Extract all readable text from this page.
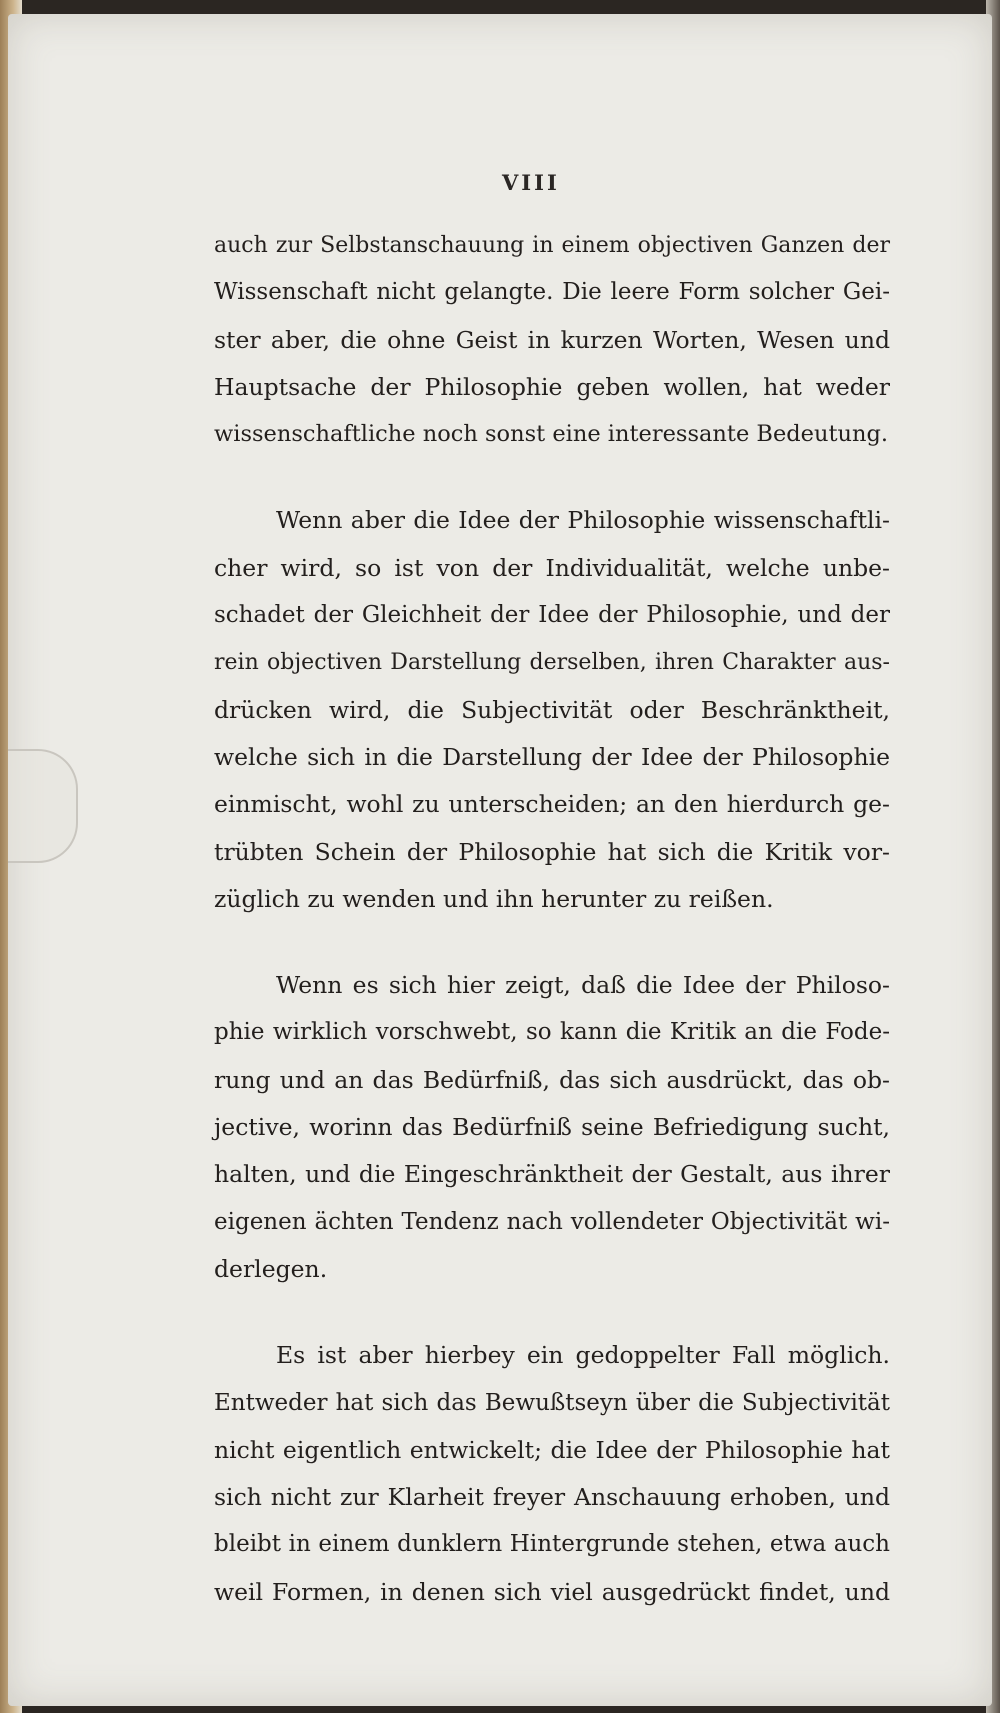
VIII
auch zur Selbstanschauung in einem objectiven Ganzen der
Wissenschaft nicht gelangte. Die leere Form solcher Gei-
ster aber, die ohne Geist in kurzen Worten, Wesen und
Hauptsache der Philosophie geben wollen, hat weder
wissenschaftliche noch sonst eine interessante Bedeutung.
Wenn aber die Idee der Philosophie wissenschaftli-
cher wird, so ist von der Individualität, welche unbe-
schadet der Gleichheit der Idee der Philosophie, und der
rein objectiven Darstellung derselben, ihren Charakter aus-
drücken wird, die Subjectivität oder Beschränktheit,
welche sich in die Darstellung der Idee der Philosophie
einmischt, wohl zu unterscheiden; an den hierdurch ge-
trübten Schein der Philosophie hat sich die Kritik vor-
züglich zu wenden und ihn herunter zu reißen.
Wenn es sich hier zeigt, daß die Idee der Philoso-
phie wirklich vorschwebt, so kann die Kritik an die Fode-
rung und an das Bedürfniß, das sich ausdrückt, das ob-
jective, worinn das Bedürfniß seine Befriedigung sucht,
halten, und die Eingeschränktheit der Gestalt, aus ihrer
eigenen ächten Tendenz nach vollendeter Objectivität wi-
derlegen.
Es ist aber hierbey ein gedoppelter Fall möglich.
Entweder hat sich das Bewußtseyn über die Subjectivität
nicht eigentlich entwickelt; die Idee der Philosophie hat
sich nicht zur Klarheit freyer Anschauung erhoben, und
bleibt in einem dunklern Hintergrunde stehen, etwa auch
weil Formen, in denen sich viel ausgedrückt findet, und
